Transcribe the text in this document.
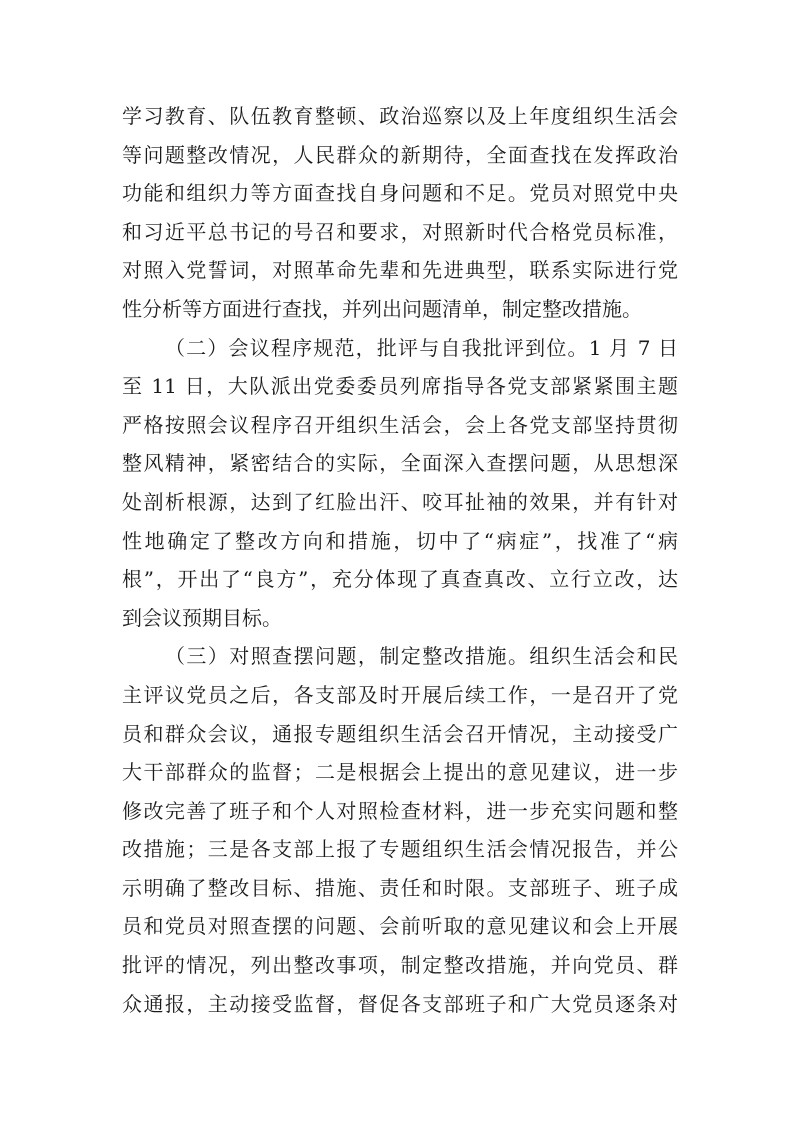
学习教育、队伍教育整顿、政治巡察以及上年度组织生活会
等问题整改情况，人民群众的新期待，全面查找在发挥政治
功能和组织力等方面查找自身问题和不足。党员对照党中央
和习近平总书记的号召和要求，对照新时代合格党员标准，
对照入党誓词，对照革命先辈和先进典型，联系实际进行党
性分析等方面进行查找，并列出问题清单，制定整改措施。
（二）会议程序规范，批评与自我批评到位。1 月 7 日
至 11 日，大队派出党委委员列席指导各党支部紧紧围主题
严格按照会议程序召开组织生活会，会上各党支部坚持贯彻
整风精神，紧密结合的实际，全面深入查摆问题，从思想深
处剖析根源，达到了红脸出汗、咬耳扯袖的效果，并有针对
性地确定了整改方向和措施，切中了“病症”，找准了“病
根”，开出了“良方”，充分体现了真查真改、立行立改，达
到会议预期目标。
（三）对照查摆问题，制定整改措施。组织生活会和民
主评议党员之后，各支部及时开展后续工作，一是召开了党
员和群众会议，通报专题组织生活会召开情况，主动接受广
大干部群众的监督；二是根据会上提出的意见建议，进一步
修改完善了班子和个人对照检查材料，进一步充实问题和整
改措施；三是各支部上报了专题组织生活会情况报告，并公
示明确了整改目标、措施、责任和时限。支部班子、班子成
员和党员对照查摆的问题、会前听取的意见建议和会上开展
批评的情况，列出整改事项，制定整改措施，并向党员、群
众通报，主动接受监督，督促各支部班子和广大党员逐条对
